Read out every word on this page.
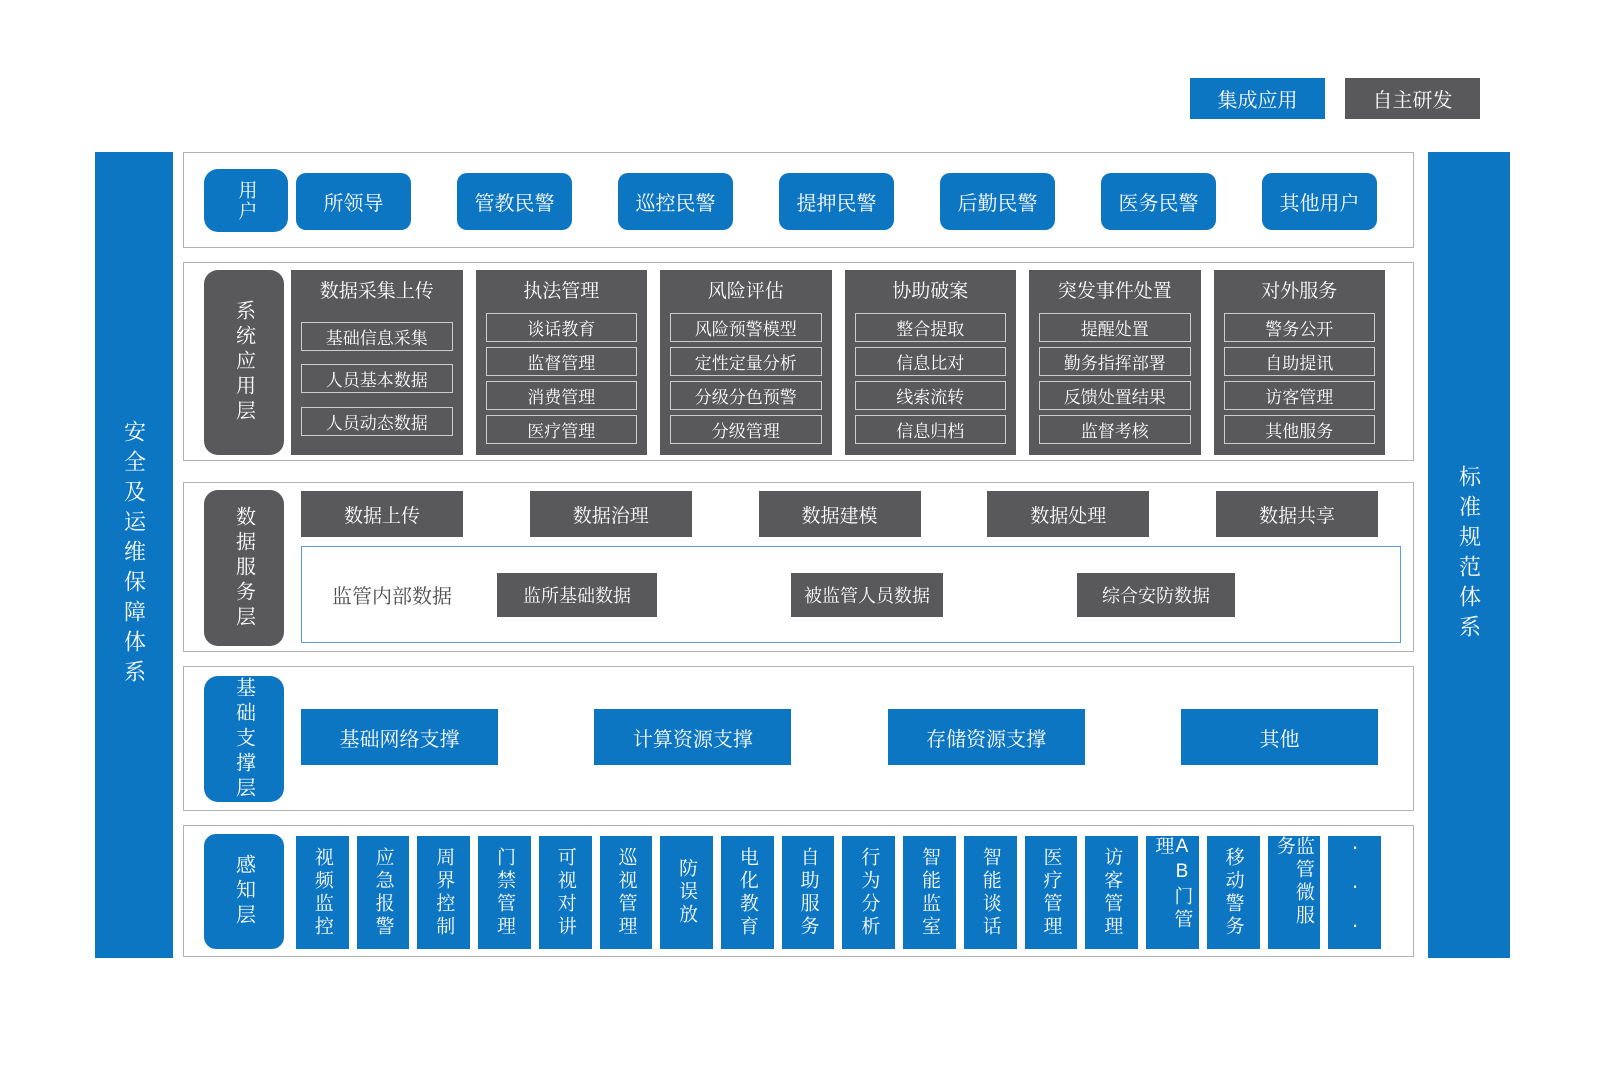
集成应用	自主研发
安全及运维保障体系	标准规范体系
用户	所领导	管教民警	巡控民警	提押民警	后勤民警	医务民警	其他用户
系统应用层
数据采集上传
基础信息采集
人员基本数据
人员动态数据
执法管理
谈话教育
监督管理
消费管理
医疗管理
风险评估
风险预警模型
定性定量分析
分级分色预警
分级管理
协助破案
整合提取
信息比对
线索流转
信息归档
突发事件处置
提醒处置
勤务指挥部署
反馈处置结果
监督考核
对外服务
警务公开
自助提讯
访客管理
其他服务
数据服务层	数据上传	数据治理	数据建模	数据处理	数据共享
监管内部数据	监所基础数据	被监管人员数据	综合安防数据
基础支撑层	基础网络支撑	计算资源支撑	存储资源支撑	其他
感知层	视频监控 应急报警 周界控制 门禁管理 可视对讲 巡视管理 防误放 电化教育 自助服务 行为分析 智能监室 智能谈话 医疗管理 访客管理	AB门管理	移动警务	监管微服务	···
